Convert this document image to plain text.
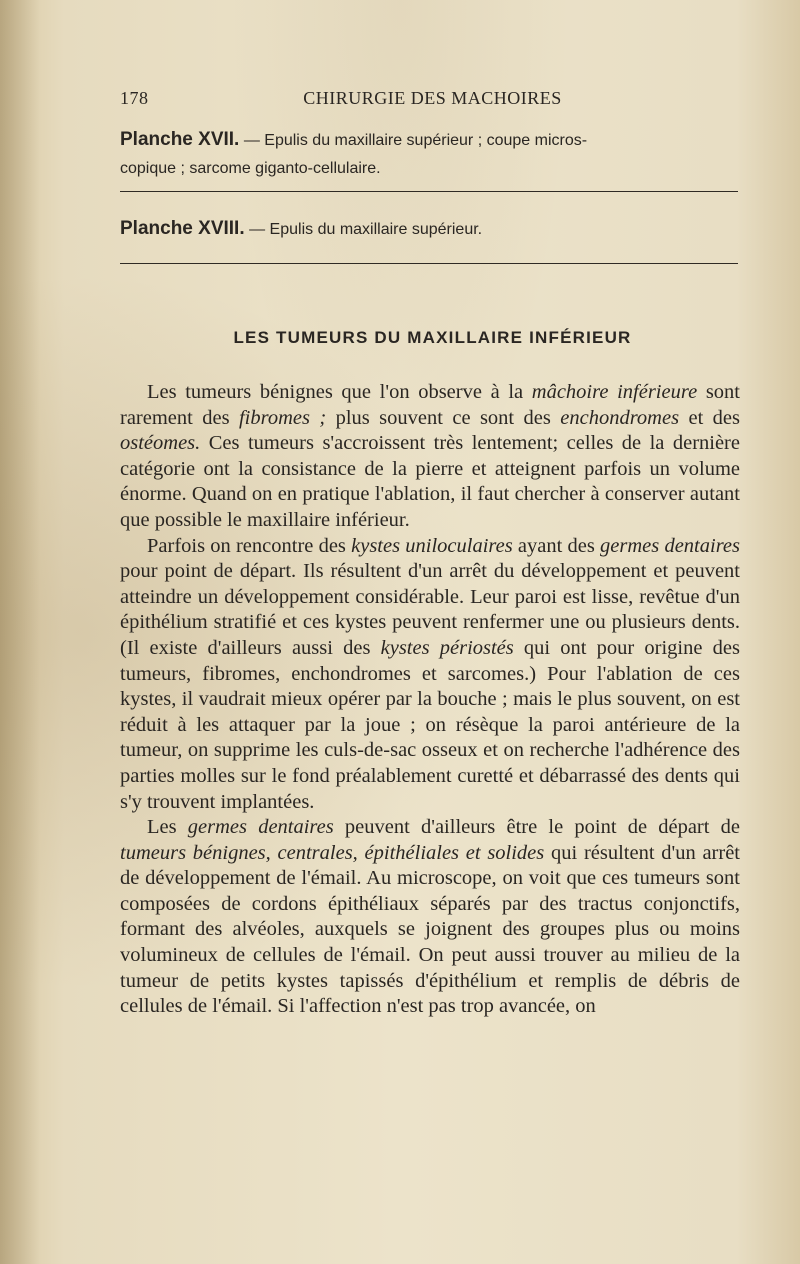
178	CHIRURGIE DES MACHOIRES
Planche XVII. — Epulis du maxillaire supérieur ; coupe micros-
copique ; sarcome giganto-cellulaire.
Planche XVIII. — Epulis du maxillaire supérieur.
LES TUMEURS DU MAXILLAIRE INFÉRIEUR

Les tumeurs bénignes que l'on observe à la mâchoire inférieure sont rarement des fibromes ; plus souvent ce sont des enchondromes et des ostéomes. Ces tumeurs s'accroissent très lentement; celles de la dernière catégorie ont la consistance de la pierre et atteignent parfois un volume énorme. Quand on en pratique l'ablation, il faut chercher à conserver autant que possible le maxillaire inférieur.

Parfois on rencontre des kystes uniloculaires ayant des germes dentaires pour point de départ. Ils résultent d'un arrêt du développement et peuvent atteindre un développement considérable. Leur paroi est lisse, revêtue d'un épithélium stratifié et ces kystes peuvent renfermer une ou plusieurs dents. (Il existe d'ailleurs aussi des kystes périostés qui ont pour origine des tumeurs, fibromes, enchondromes et sarcomes.) Pour l'ablation de ces kystes, il vaudrait mieux opérer par la bouche ; mais le plus souvent, on est réduit à les attaquer par la joue ; on résèque la paroi antérieure de la tumeur, on supprime les culs-de-sac osseux et on recherche l'adhérence des parties molles sur le fond préalablement curetté et débarrassé des dents qui s'y trouvent implantées.

Les germes dentaires peuvent d'ailleurs être le point de départ de tumeurs bénignes, centrales, épithéliales et solides qui résultent d'un arrêt de développement de l'émail. Au microscope, on voit que ces tumeurs sont composées de cordons épithéliaux séparés par des tractus conjonctifs, formant des alvéoles, auxquels se joignent des groupes plus ou moins volumineux de cellules de l'émail. On peut aussi trouver au milieu de la tumeur de petits kystes tapissés d'épithélium et remplis de débris de cellules de l'émail. Si l'affection n'est pas trop avancée, on
